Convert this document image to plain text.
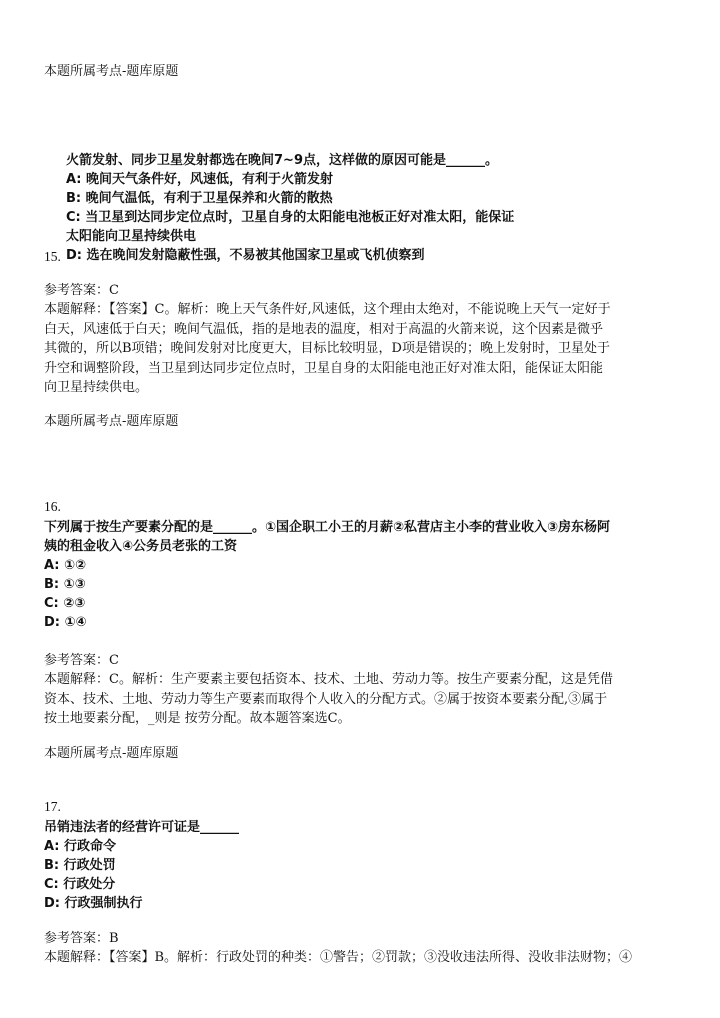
本题所属考点-题库原题
火箭发射、同步卫星发射都选在晚间7~9点，这样做的原因可能是______。
A: 晚间天气条件好，风速低，有利于火箭发射
B: 晚间气温低，有利于卫星保养和火箭的散热
C: 当卫星到达同步定位点时，卫星自身的太阳能电池板正好对准太阳，能保证
太阳能向卫星持续供电
15. D: 选在晚间发射隐蔽性强，不易被其他国家卫星或飞机侦察到
参考答案：C
本题解释：【答案】C。解析：晚上天气条件好,风速低，这个理由太绝对，不能说晚上天气一定好于
白天，风速低于白天；晚间气温低，指的是地表的温度，相对于高温的火箭来说，这个因素是微乎
其微的，所以B项错；晚间发射对比度更大，目标比较明显，D项是错误的；晚上发射时，卫星处于
升空和调整阶段，当卫星到达同步定位点时，卫星自身的太阳能电池正好对准太阳，能保证太阳能
向卫星持续供电。
本题所属考点-题库原题
16.
下列属于按生产要素分配的是______。①国企职工小王的月薪②私营店主小李的营业收入③房东杨阿
姨的租金收入④公务员老张的工资
A: ①②
B: ①③
C: ②③
D: ①④
参考答案：C
本题解释：C。解析：生产要素主要包括资本、技术、土地、劳动力等。按生产要素分配，这是凭借
资本、技术、土地、劳动力等生产要素而取得个人收入的分配方式。②属于按资本要素分配,③属于
按土地要素分配，_则是 按劳分配。故本题答案选C。
本题所属考点-题库原题
17.
吊销违法者的经营许可证是______
A: 行政命令
B: 行政处罚
C: 行政处分
D: 行政强制执行
参考答案：B
本题解释：【答案】B。解析：行政处罚的种类：①警告；②罚款；③没收违法所得、没收非法财物；④
